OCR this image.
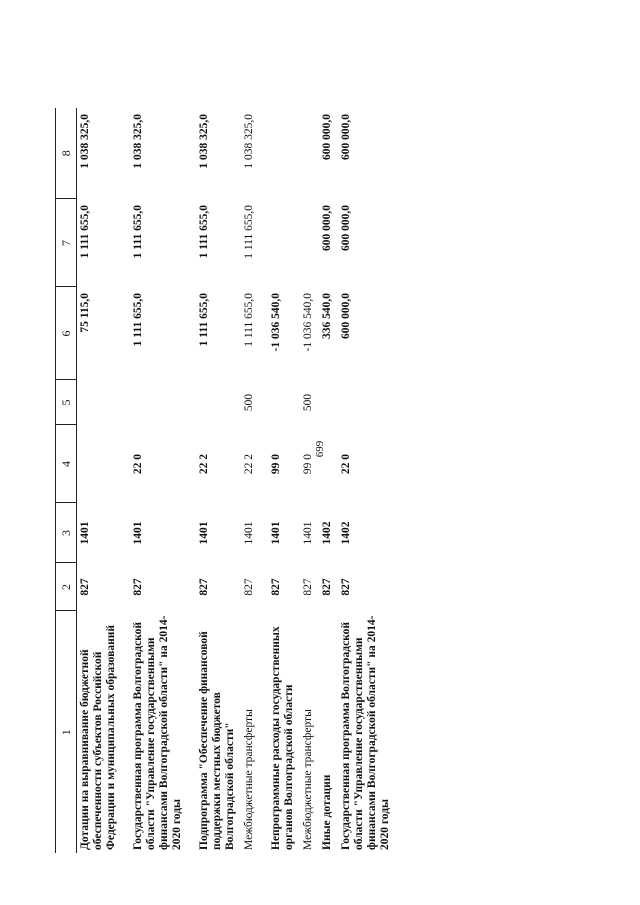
699
1	2	3	4	5	6	7	8
Дотации на выравнивание бюджетной обеспеченности субъектов Российской Федерации и муниципальных образований	827	1401			75 115,0	1 111 655,0	1 038 325,0

Государственная программа Волгоградской области "Управление государственными финансами Волгоградской области" на 2014-2020 годы	827	1401	22 0		1 111 655,0	1 111 655,0	1 038 325,0

Подпрограмма "Обеспечение финансовой поддержки местных бюджетов Волгоградской области"	827	1401	22 2		1 111 655,0	1 111 655,0	1 038 325,0
Межбюджетные трансферты	827	1401	22 2	500	1 111 655,0	1 111 655,0	1 038 325,0

Непрограммные расходы государственных органов Волгоградской области	827	1401	99 0		-1 036 540,0		
Межбюджетные трансферты	827	1401	99 0	500	-1 036 540,0		
Иные дотации	827	1402			336 540,0	600 000,0	600 000,0
Государственная программа Волгоградской области "Управление государственными финансами Волгоградской области" на 2014-2020 годы	827	1402	22 0		600 000,0	600 000,0	600 000,0
